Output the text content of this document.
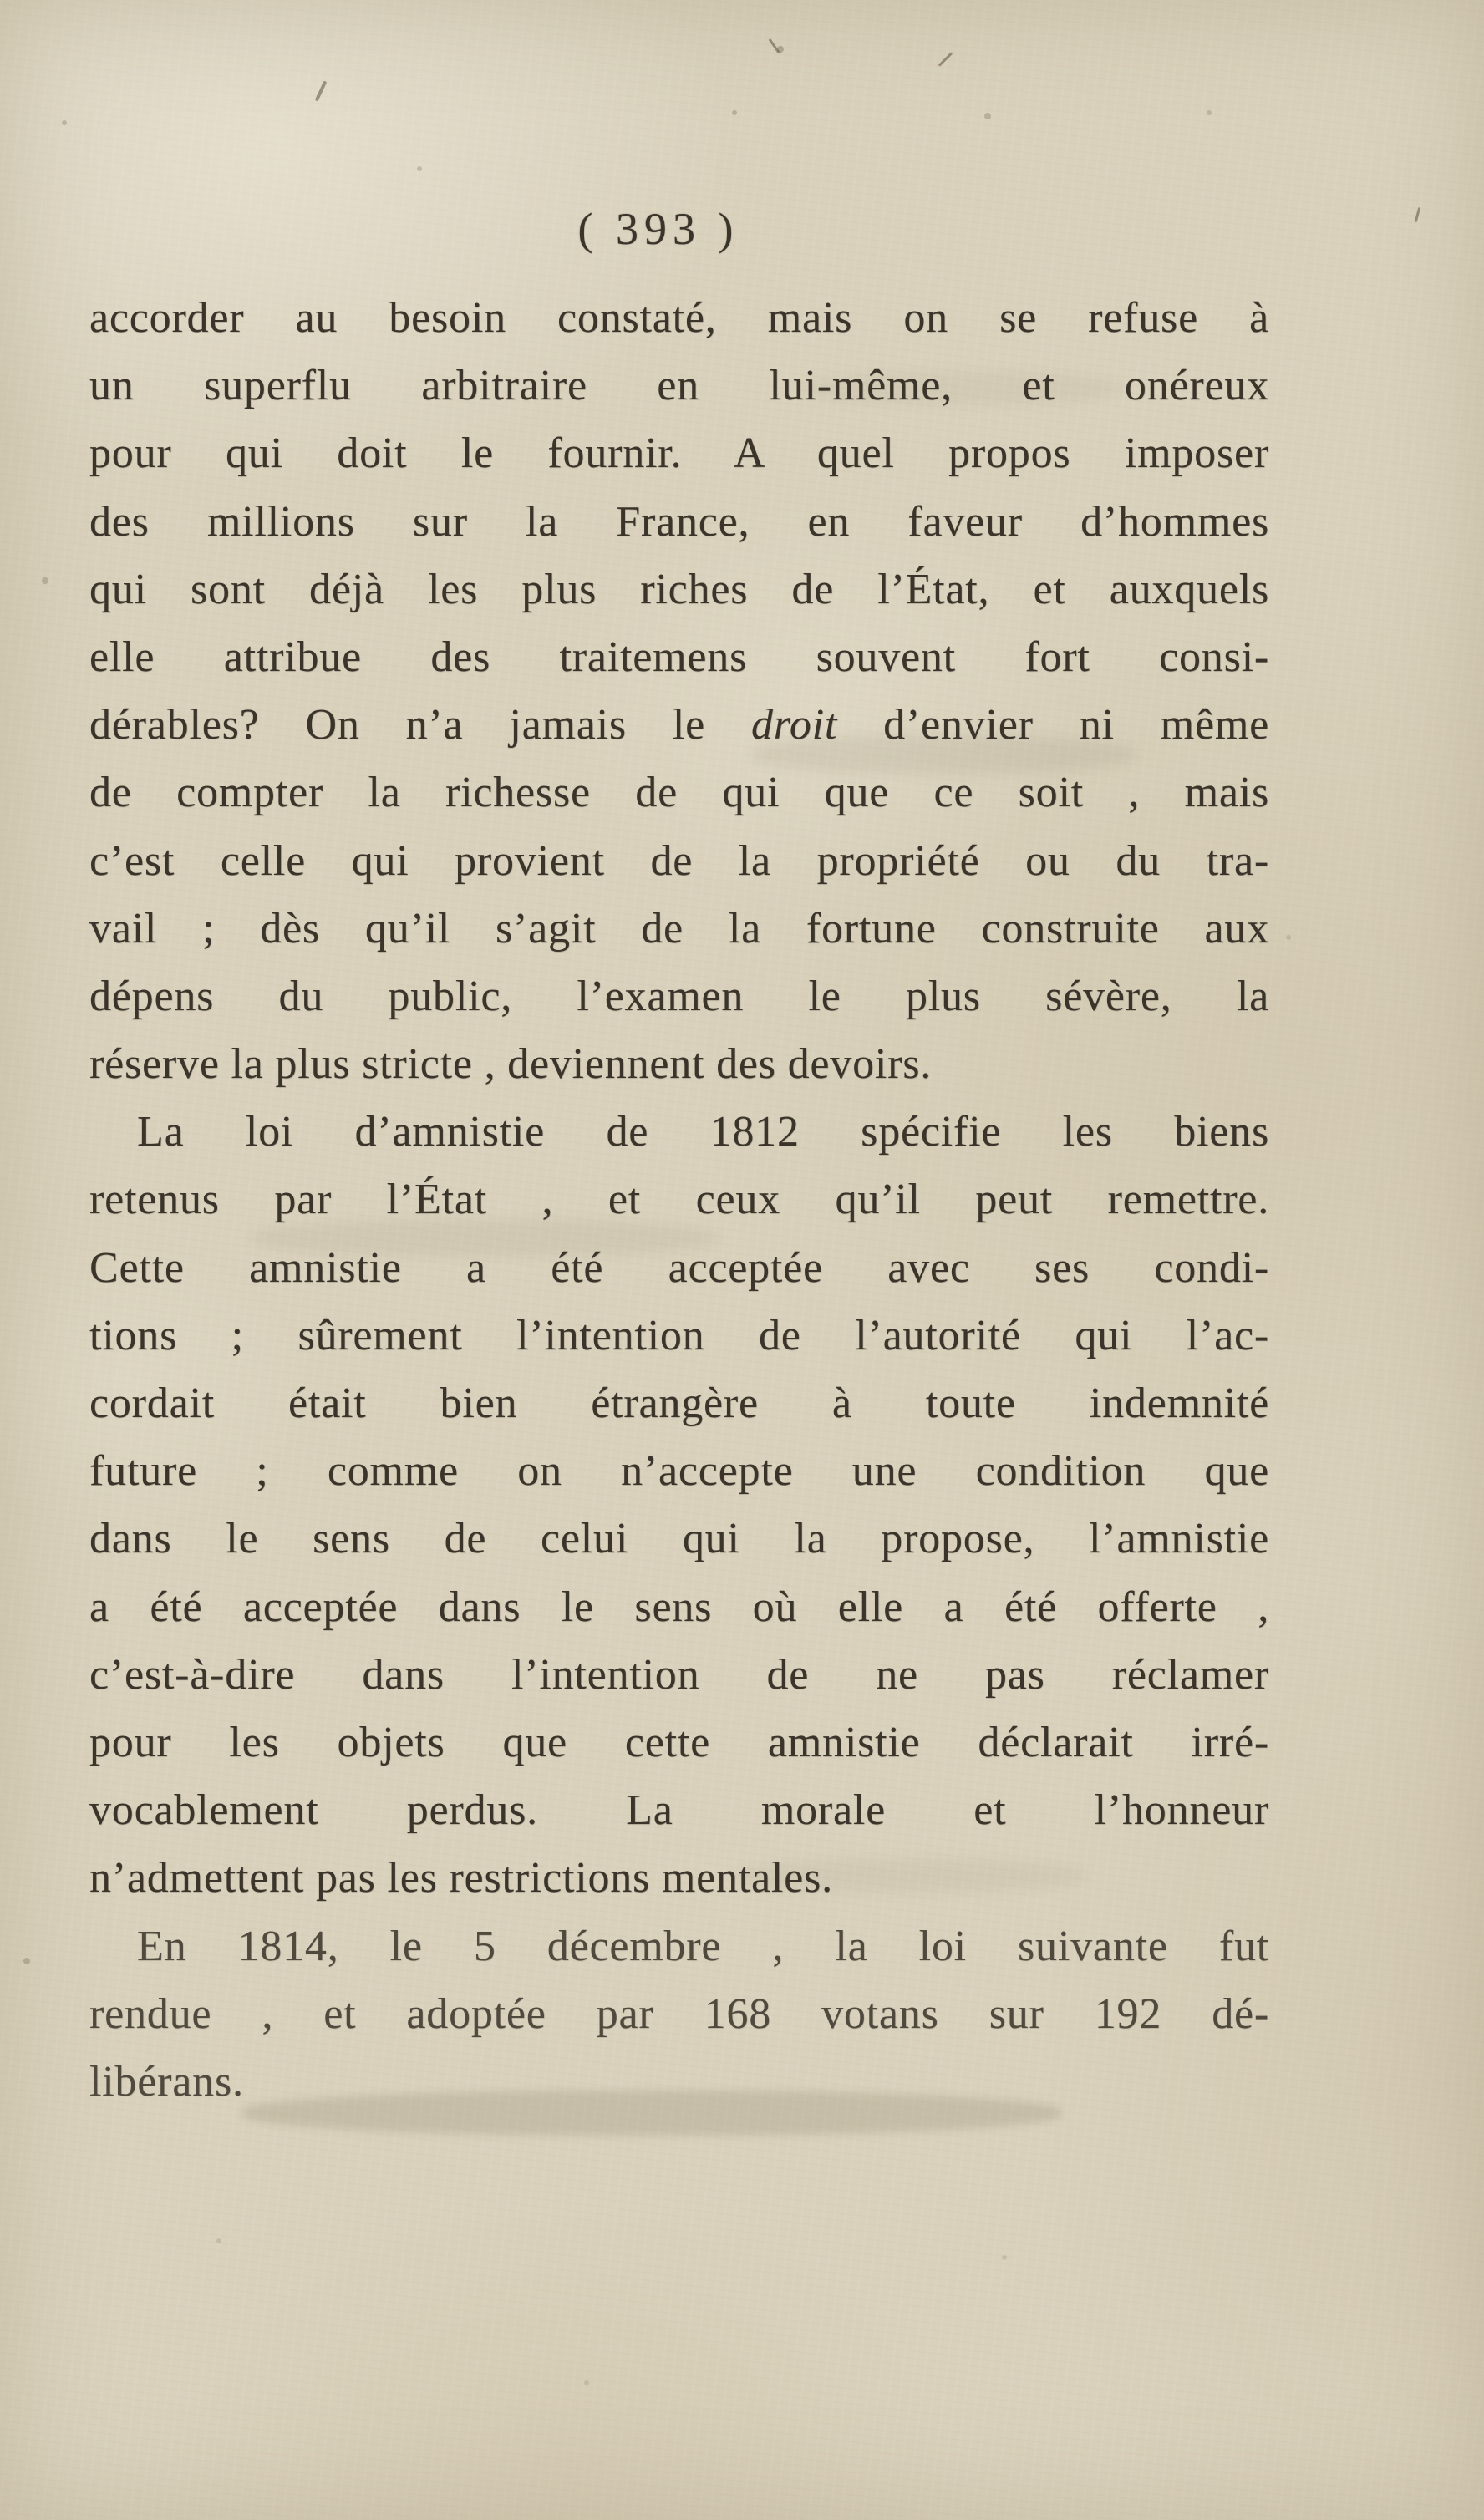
( 393 )
accorder au besoin constaté, mais on se refuse à
un superflu arbitraire en lui-même, et onéreux
pour qui doit le fournir. A quel propos imposer
des millions sur la France, en faveur d’hommes
qui sont déjà les plus riches de l’État, et auxquels
elle attribue des traitemens souvent fort consi-
dérables? On n’a jamais le droit d’envier ni même
de compter la richesse de qui que ce soit , mais
c’est celle qui provient de la propriété ou du tra-
vail ; dès qu’il s’agit de la fortune construite aux
dépens du public, l’examen le plus sévère, la
réserve la plus stricte , deviennent des devoirs.
La loi d’amnistie de 1812 spécifie les biens
retenus par l’État , et ceux qu’il peut remettre.
Cette amnistie a été acceptée avec ses condi-
tions ; sûrement l’intention de l’autorité qui l’ac-
cordait était bien étrangère à toute indemnité
future ; comme on n’accepte une condition que
dans le sens de celui qui la propose, l’amnistie
a été acceptée dans le sens où elle a été offerte ,
c’est-à-dire dans l’intention de ne pas réclamer
pour les objets que cette amnistie déclarait irré-
vocablement perdus. La morale et l’honneur
n’admettent pas les restrictions mentales.
En 1814, le 5 décembre , la loi suivante fut
rendue , et adoptée par 168 votans sur 192 dé-
libérans.
